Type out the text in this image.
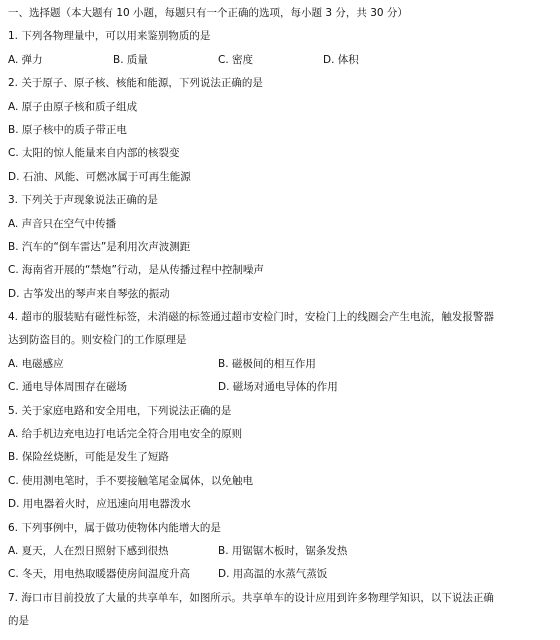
一、选择题（本大题有 10 小题，每题只有一个正确的选项，每小题 3 分，共 30 分）
1. 下列各物理量中，可以用来鉴别物质的是
A. 弹力	B. 质量	C. 密度	D. 体积
2. 关于原子、原子核、核能和能源，下列说法正确的是
A. 原子由原子核和质子组成
B. 原子核中的质子带正电
C. 太阳的惊人能量来自内部的核裂变
D. 石油、风能、可燃冰属于可再生能源
3. 下列关于声现象说法正确的是
A. 声音只在空气中传播
B. 汽车的“倒车雷达”是利用次声波测距
C. 海南省开展的“禁炮”行动，是从传播过程中控制噪声
D. 古筝发出的琴声来自琴弦的振动
4. 超市的服装贴有磁性标签，未消磁的标签通过超市安检门时，安检门上的线圈会产生电流，触发报警器
达到防盗目的。则安检门的工作原理是
A. 电磁感应	B. 磁极间的相互作用
C. 通电导体周围存在磁场	D. 磁场对通电导体的作用
5. 关于家庭电路和安全用电，下列说法正确的是
A. 给手机边充电边打电话完全符合用电安全的原则
B. 保险丝烧断，可能是发生了短路
C. 使用测电笔时，手不要接触笔尾金属体，以免触电
D. 用电器着火时，应迅速向用电器泼水
6. 下列事例中，属于做功使物体内能增大的是
A. 夏天，人在烈日照射下感到很热	B. 用锯锯木板时，锯条发热
C. 冬天，用电热取暖器使房间温度升高	D. 用高温的水蒸气蒸饭
7. 海口市目前投放了大量的共享单车，如图所示。共享单车的设计应用到许多物理学知识，以下说法正确
的是
